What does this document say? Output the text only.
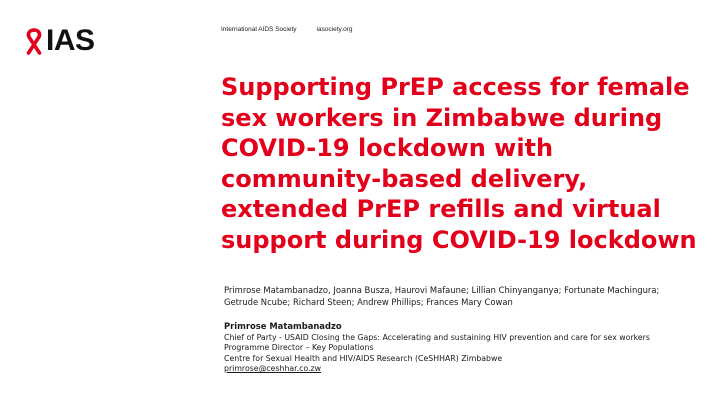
IAS	International AIDS Society	iasociety.org
Supporting PrEP access for female sex workers in Zimbabwe during COVID-19 lockdown with community-based delivery, extended PrEP refills and virtual support during COVID-19 lockdown
Primrose Matambanadzo, Joanna Busza, Haurovi Mafaune; Lillian Chinyanganya; Fortunate Machingura; Getrude Ncube; Richard Steen; Andrew Phillips; Frances Mary Cowan
Primrose Matambanadzo
Chief of Party - USAID Closing the Gaps: Accelerating and sustaining HIV prevention and care for sex workers
Programme Director – Key Populations
Centre for Sexual Health and HIV/AIDS Research (CeSHHAR) Zimbabwe
primrose@ceshhar.co.zw
